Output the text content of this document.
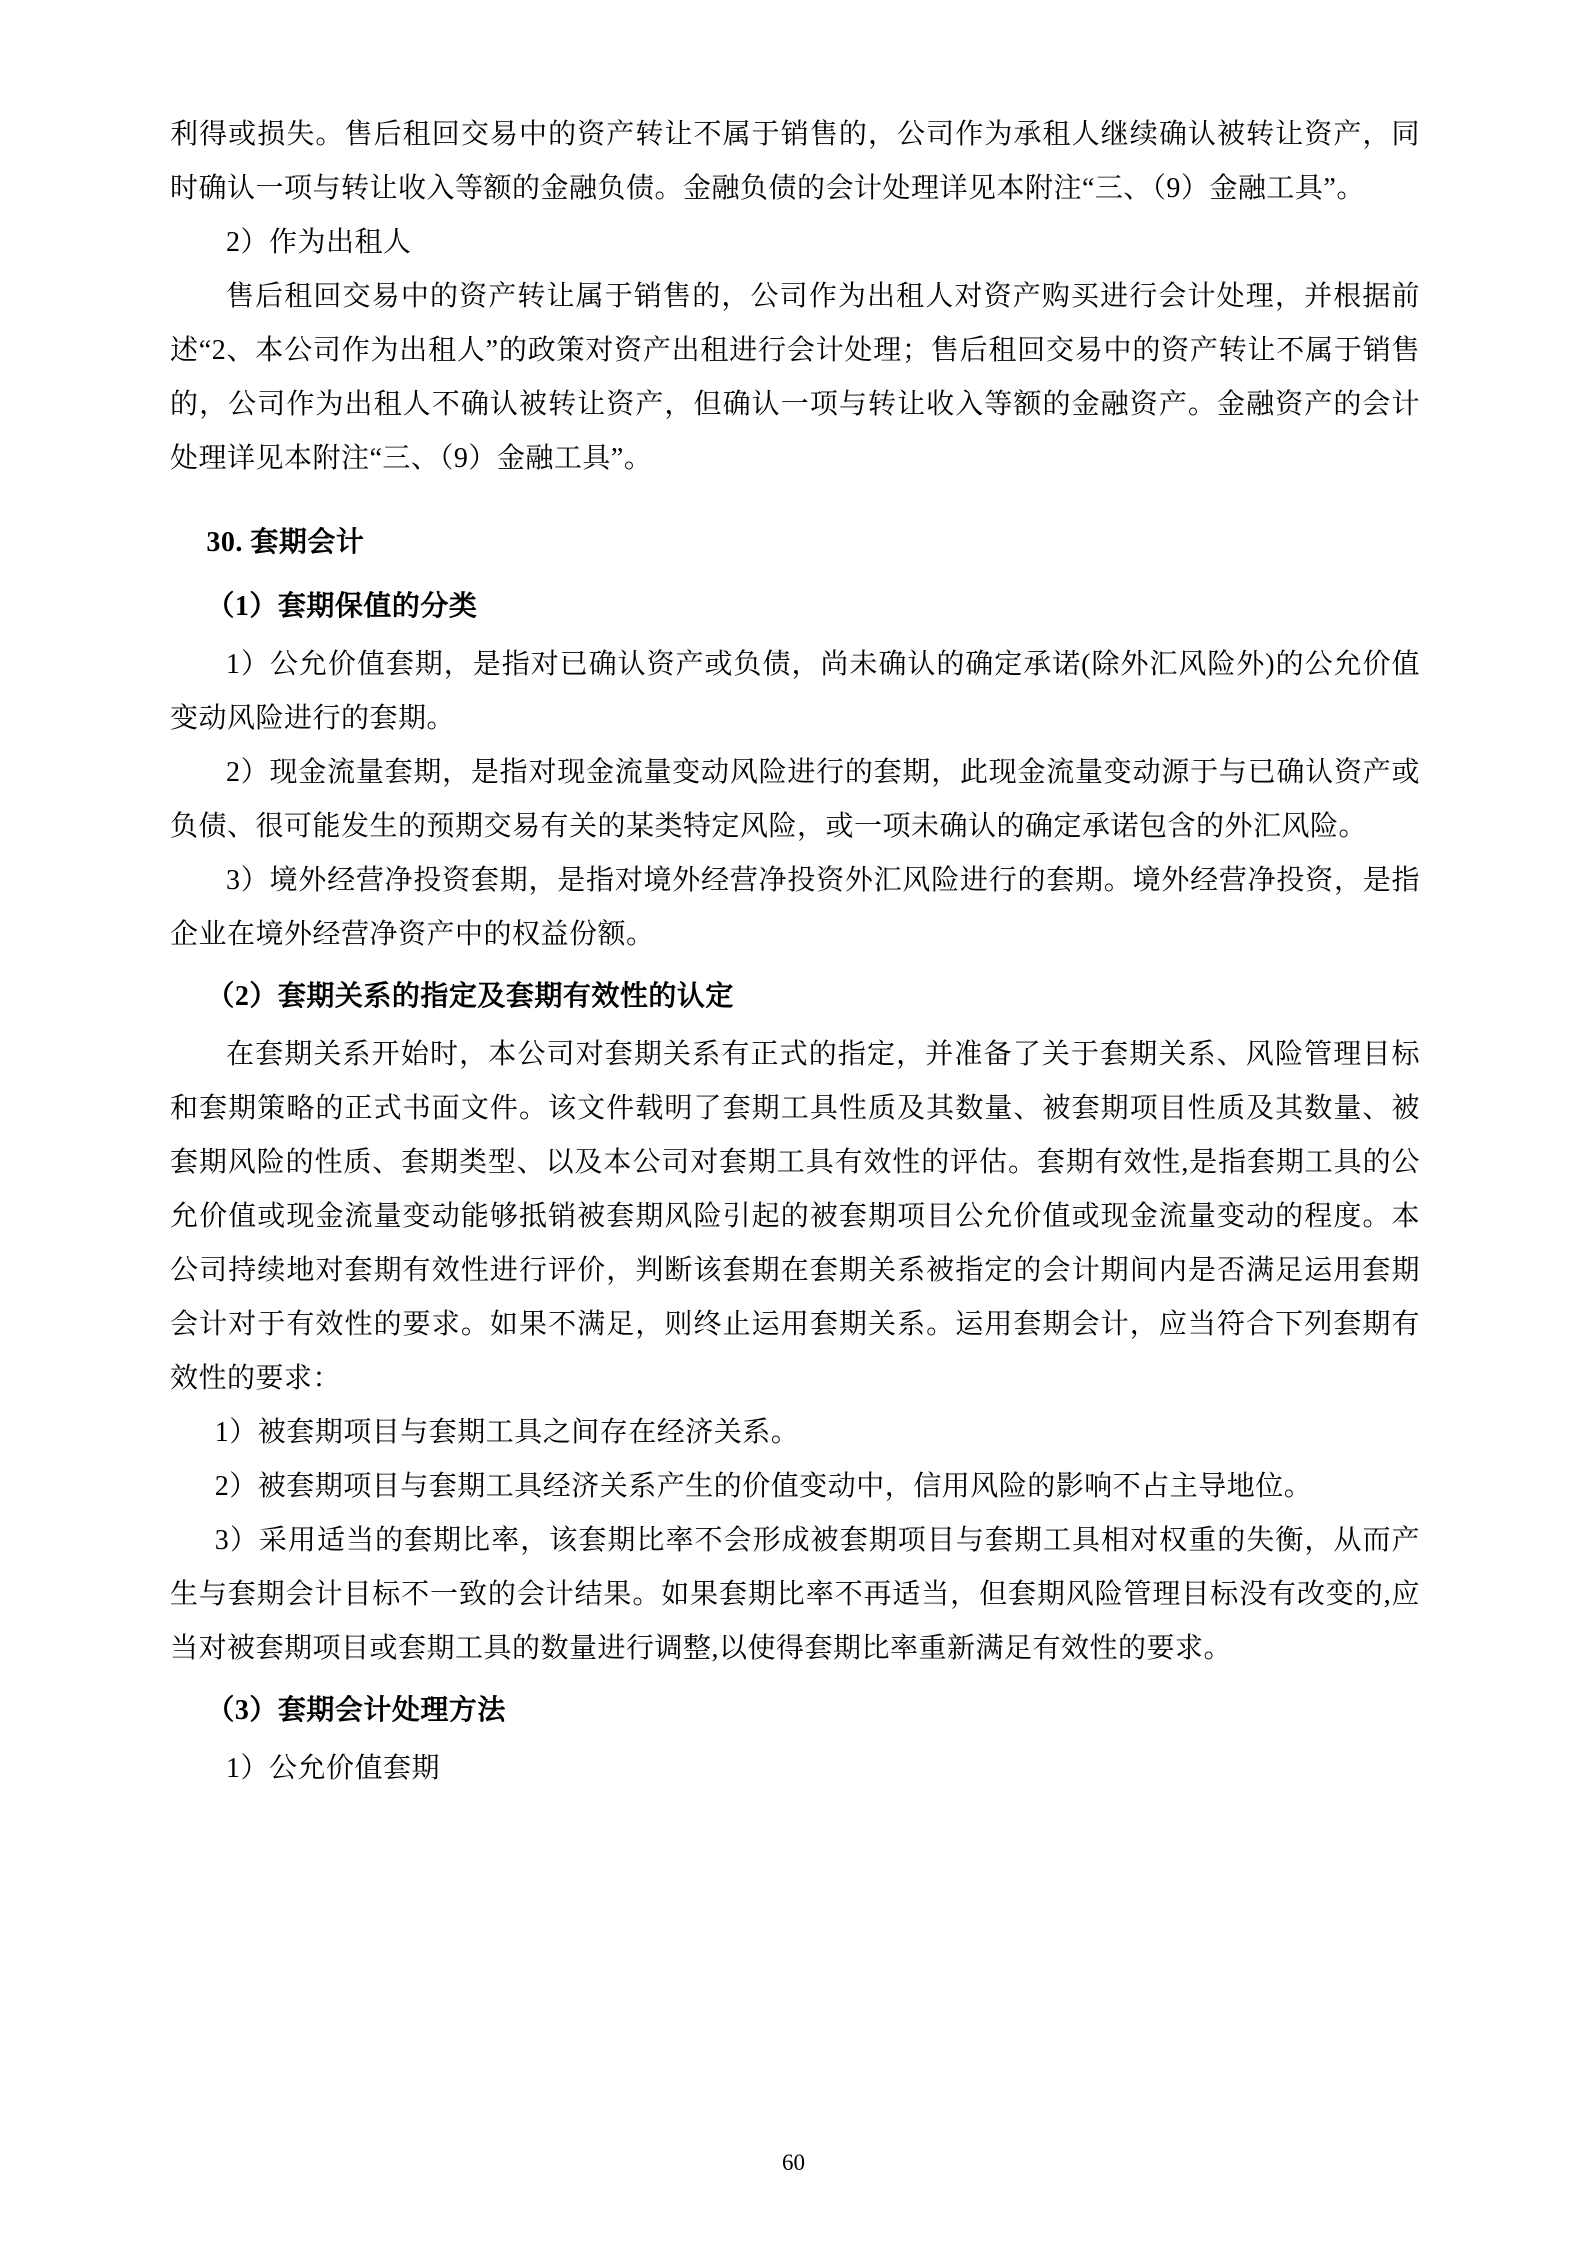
利得或损失。售后租回交易中的资产转让不属于销售的，公司作为承租人继续确认被转让资产，同时确认一项与转让收入等额的金融负债。金融负债的会计处理详见本附注“三、（9）金融工具”。

2）作为出租人

售后租回交易中的资产转让属于销售的，公司作为出租人对资产购买进行会计处理，并根据前述“2、本公司作为出租人”的政策对资产出租进行会计处理；售后租回交易中的资产转让不属于销售的，公司作为出租人不确认被转让资产，但确认一项与转让收入等额的金融资产。金融资产的会计处理详见本附注“三、（9）金融工具”。

30. 套期会计

（1）套期保值的分类

1）公允价值套期，是指对已确认资产或负债，尚未确认的确定承诺(除外汇风险外)的公允价值变动风险进行的套期。

2）现金流量套期，是指对现金流量变动风险进行的套期，此现金流量变动源于与已确认资产或负债、很可能发生的预期交易有关的某类特定风险，或一项未确认的确定承诺包含的外汇风险。

3）境外经营净投资套期，是指对境外经营净投资外汇风险进行的套期。境外经营净投资，是指企业在境外经营净资产中的权益份额。

（2）套期关系的指定及套期有效性的认定

在套期关系开始时，本公司对套期关系有正式的指定，并准备了关于套期关系、风险管理目标和套期策略的正式书面文件。该文件载明了套期工具性质及其数量、被套期项目性质及其数量、被套期风险的性质、套期类型、以及本公司对套期工具有效性的评估。套期有效性,是指套期工具的公允价值或现金流量变动能够抵销被套期风险引起的被套期项目公允价值或现金流量变动的程度。本公司持续地对套期有效性进行评价，判断该套期在套期关系被指定的会计期间内是否满足运用套期会计对于有效性的要求。如果不满足，则终止运用套期关系。运用套期会计，应当符合下列套期有效性的要求：

1）被套期项目与套期工具之间存在经济关系。

2）被套期项目与套期工具经济关系产生的价值变动中，信用风险的影响不占主导地位。

3）采用适当的套期比率，该套期比率不会形成被套期项目与套期工具相对权重的失衡，从而产生与套期会计目标不一致的会计结果。如果套期比率不再适当，但套期风险管理目标没有改变的,应当对被套期项目或套期工具的数量进行调整,以使得套期比率重新满足有效性的要求。

（3）套期会计处理方法

1）公允价值套期

60
